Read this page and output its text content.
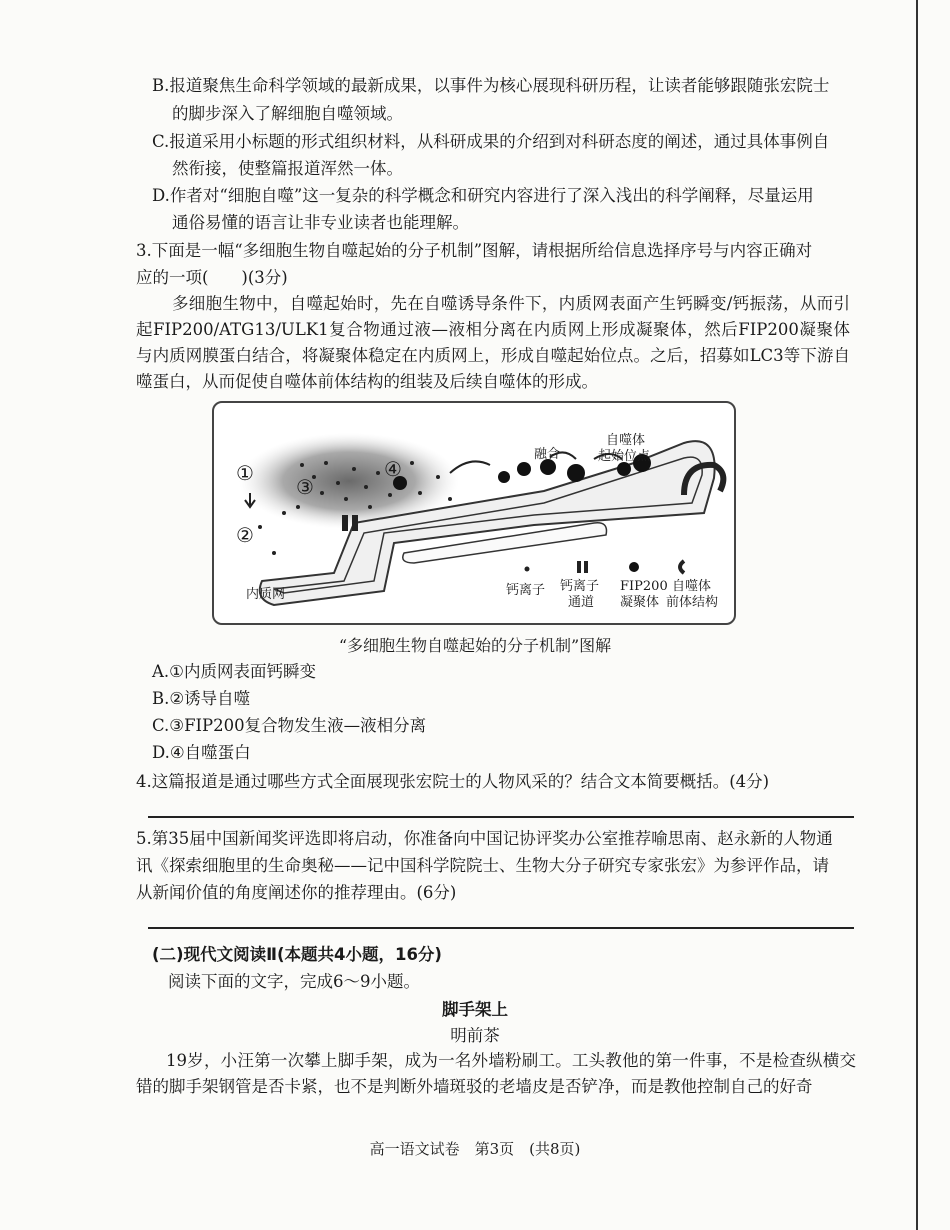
B.报道聚焦生命科学领域的最新成果，以事件为核心展现科研历程，让读者能够跟随张宏院士
的脚步深入了解细胞自噬领域。
C.报道采用小标题的形式组织材料，从科研成果的介绍到对科研态度的阐述，通过具体事例自
然衔接，使整篇报道浑然一体。
D.作者对“细胞自噬”这一复杂的科学概念和研究内容进行了深入浅出的科学阐释，尽量运用
通俗易懂的语言让非专业读者也能理解。
3.下面是一幅“多细胞生物自噬起始的分子机制”图解，请根据所给信息选择序号与内容正确对
应的一项(　　)(3分)
多细胞生物中，自噬起始时，先在自噬诱导条件下，内质网表面产生钙瞬变/钙振荡，从而引起FIP200/ATG13/ULK1复合物通过液—液相分离在内质网上形成凝聚体，然后FIP200凝聚体与内质网膜蛋白结合，将凝聚体稳定在内质网上，形成自噬起始位点。之后，招募如LC3等下游自噬蛋白，从而促使自噬体前体结构的组装及后续自噬体的形成。
①
②
③
④
融合
自噬体
起始位点
内质网	钙离子 钙离子
通道
FIP200
凝聚体
自噬体
前体结构
“多细胞生物自噬起始的分子机制”图解
A.①内质网表面钙瞬变
B.②诱导自噬
C.③FIP200复合物发生液—液相分离
D.④自噬蛋白
4.这篇报道是通过哪些方式全面展现张宏院士的人物风采的？结合文本简要概括。(4分)
5.第35届中国新闻奖评选即将启动，你准备向中国记协评奖办公室推荐喻思南、赵永新的人物通
讯《探索细胞里的生命奥秘——记中国科学院院士、生物大分子研究专家张宏》为参评作品，请
从新闻价值的角度阐述你的推荐理由。(6分)
(二)现代文阅读Ⅱ(本题共4小题，16分)
阅读下面的文字，完成6～9小题。
脚手架上
明前茶
19岁，小汪第一次攀上脚手架，成为一名外墙粉刷工。工头教他的第一件事，不是检查纵横交错的脚手架钢管是否卡紧，也不是判断外墙斑驳的老墙皮是否铲净，而是教他控制自己的好奇
高一语文试卷　第3页　(共8页)
